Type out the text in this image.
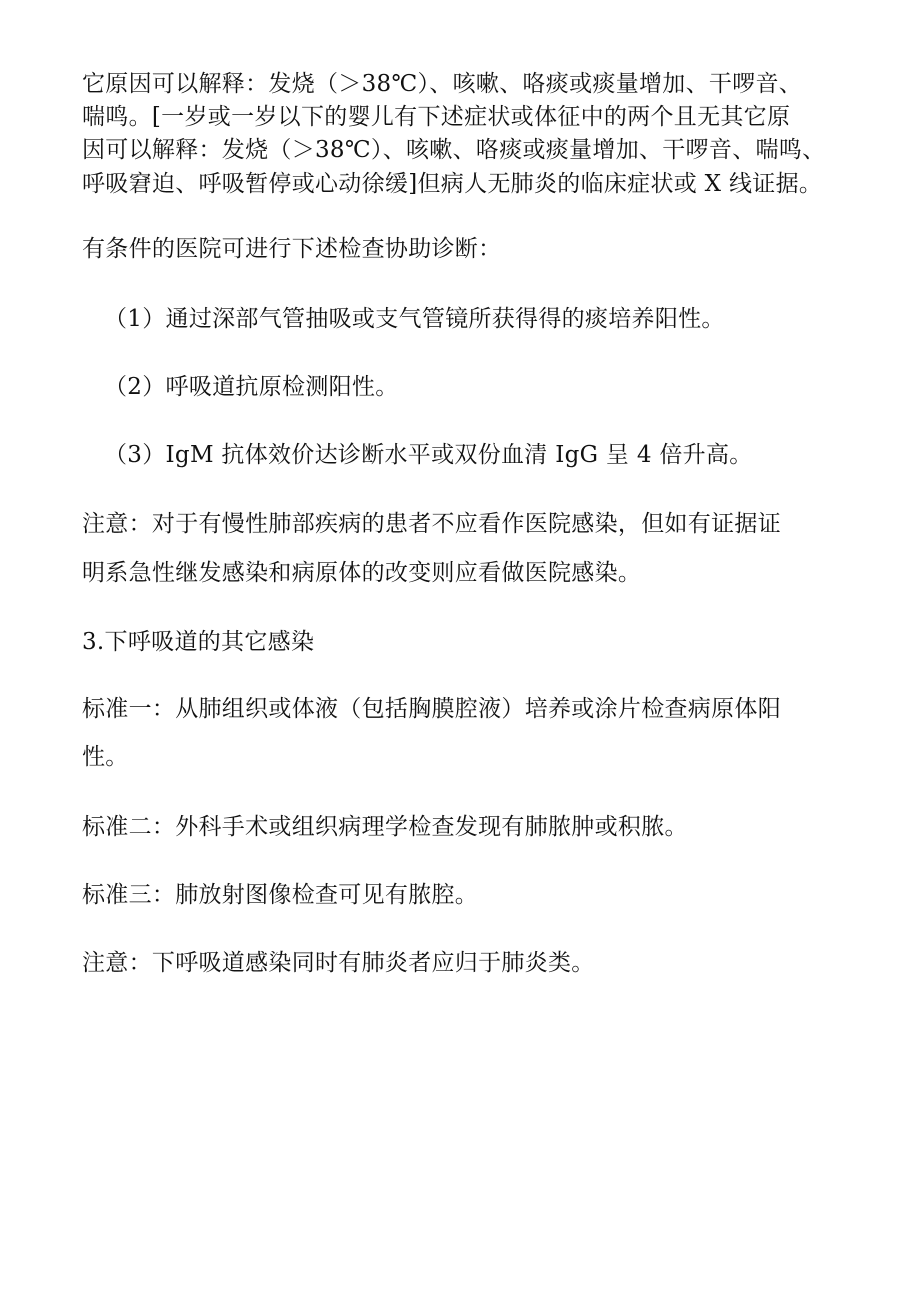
它原因可以解释：发烧（＞38℃）、咳嗽、咯痰或痰量增加、干啰音、
喘鸣。[一岁或一岁以下的婴儿有下述症状或体征中的两个且无其它原
因可以解释：发烧（＞38℃）、咳嗽、咯痰或痰量增加、干啰音、喘鸣、
呼吸窘迫、呼吸暂停或心动徐缓]但病人无肺炎的临床症状或 X 线证据。
有条件的医院可进行下述检查协助诊断：
（1）通过深部气管抽吸或支气管镜所获得得的痰培养阳性。
（2）呼吸道抗原检测阳性。
（3）IgM 抗体效价达诊断水平或双份血清 IgG 呈 4 倍升高。
注意：对于有慢性肺部疾病的患者不应看作医院感染，但如有证据证
明系急性继发感染和病原体的改变则应看做医院感染。
3.下呼吸道的其它感染
标准一：从肺组织或体液（包括胸膜腔液）培养或涂片检查病原体阳
性。
标准二：外科手术或组织病理学检查发现有肺脓肿或积脓。
标准三：肺放射图像检查可见有脓腔。
注意：下呼吸道感染同时有肺炎者应归于肺炎类。
